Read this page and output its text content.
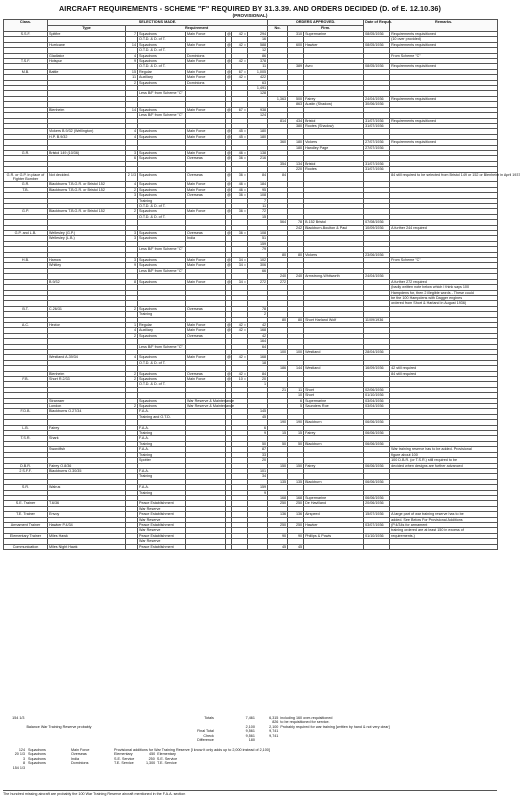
AIRCRAFT REQUIREMENTS - SCHEME "F" REQUIRED BY 31.3.39. AND ORDERS DECIDED (D. of E. 12.10.36)
(PROVISIONAL)
Class.	SELECTIONS MADE.							ORDERS APPROVED.			Date of Requn.	Remarks.
	Type	Requirement						No.	Firm.			
S.S.F.	Spitfire	7	Squadrons	Main Force	@	42 =	294		310	Supermarine	08/05/1936	Requirements requisitioned
			O.T.D. & D. of T.				16					(10 over provided)
	Hurricane	14	Squadrons	Main Force	@	42 =	588		600	Hawker	08/05/1936	Requirements requisitioned
			O.T.D. & D. of T.				12					
	Gladiator	4	Squadrons	Dominions			86					From Scheme "C"
T.S.F.	Hotspur	9	Squadrons	Main Force	@	42 =	378					
			O.T.D. & D. of T.				11		389	Avro	08/05/1936	Requirements requisitioned
M.B.	Battle	15	Regular	Main Force	@	67 =	1,005					
		11	Auxiliary	Main Force	@	42 =	422					
		2	Squadrons	Dominions			63					
							1,491					
			Less B/F from Scheme "C"				128					
								1,363	500	Fairey	24/04/1936	Requirements requisitioned
									863	Austin (Shadow)	30/06/1936	
	Blenheim	14	Squadrons	Main Force	@	67 =	938					
			Less B/F from Scheme "C"				124					
								814	434	Bristol	31/07/1936	Requirements requisitioned
									380	Rootes (Shadow)	31/07/1936	
	Vickers B.9/32 (Wellington)	4	Squadrons	Main Force	@	45 =	180					
	H.P. B.9/32	4	Squadrons	Main Force	@	45 =	180					
								360	180	Vickers	27/07/1936	Requirements requisitioned
									180	Handley Page	27/07/1936	
G.R.	Bristol 149 (10/36)	3	Squadrons	Main Force	@	46 =	138					
		6	Squadrons	Overseas	@	36 =	216					
								354	134	Bristol	31/07/1936	
									220	Rootes	31/07/1936	
G.R. or G.P. in place of Fighter Bomber	Not decided.	2 1/3	Squadrons	Overseas	@	36 =	84	84				84 still required to be selected from Bristol 149 or 152 or Blenheim in April 1937
G.R.	Blackburns T.B.G.R. or Bristol 152	4	Squadrons	Main Force	@	46 =	184					
T.B.	Blackburns T.B.G.R. or Bristol 152	2	Squadrons	Main Force	@	46 =	95					
		3	Squadrons	Overseas	@	36 =	108					
			Training				7					
			O.T.D. & D. of T.				11					
G.P.	Blackburns T.B.G.R. or Bristol 152	2	Squadrons	Main Force	@	36 =	72					
			O.T.D. & D. of T.				15					
								564	78	B.152 Bristol	07/08/1936	
									242	Blackburn-Boulton & Paul	10/09/1936	A further 244 required
G.P. and L.B.	Wellesley (G.P.)	3	Squadrons	Overseas	@	36 =	108					
	Wellesley (L.B.)	3	Squadrons	India			51					
							159					
			Less B/F from Scheme "C"				79					
								80	80	Vickers	23/06/1936	
H.B.	Harrow	3	Squadrons	Main Force	@	34 =	102					From Scheme "C"
	Whitley	9	Squadrons	Main Force	@	34 =	306					
			Less B/F from Scheme "C"				66					
								240	240	Armstrong-Whitworth	24/04/1936	
	B.9/32	8	Squadrons	Main Force	@	34 =	272	272				A further 272 required
												(badly written note below which I think says 100
												Hampdens for, then 2 illegible words - These could
												be the 100 Hampdens with Dagger engines
												ordered from Short & Harland in August 1936)
B.T.	C.26/31	2	Squadrons	Overseas			78					
			Training				2					
								80	80	Short Harland Wolf	11/09/1936	
A.C.	Hector	1	Regular	Main Force	@	42 =	42					
		4	Auxiliary	Main Force	@	42 =	168					
		2	Squadrons	Overseas			42					
							164					
			Less B/F from Scheme "C"				64					
								100	100	Westland	28/04/1936	
	Westland A.39/34	4	Squadrons	Main Force	@	42 =	168					
			O.T.D. & D. of T.				18					
								186	144	Westland	16/09/1936	42 still required
	Blenheim	2	Squadrons	Overseas	@	42 =	84					84 still required
F.B.	Short R.2/33	2	Squadrons	Main Force	@	10 =	20					
			O.T.D. & D. of T.				1					
								21	11	Short	02/06/1936	
									10	Short	01/10/1936	
	Stranraer		Squadrons	War Reserve & Maintenance					6	Supermarine	03/04/1936	
	London	2	Squadrons	War Reserve & Maintenance					5	Saunders Roe	03/04/1936	
F.D.B.	Blackburns O.27/34		F.A.A.				145					
			Training and O.T.D.				45					
								190	190	Blackburn	06/06/1936	
L.B.	Fairey		F.A.A.				6					
			Training				9	15	15	Fairey	06/06/1936	
T.S.R.	Shark		F.A.A.									
			Training				50	50	50	Blackburn	06/06/1936	
	Swordfish		F.A.A.				87					War training reserve has to be added. Provisional
			Training				33					figure about 100
			Spotter				20					100 D.B.R. (or T.S.R.) still required to be
D.B.R.	Fairey O.8/36							150	150	Fairey	06/06/1936	decided when designs are further advanced
2 S.F.F.	Blackburns O.30/35		F.A.A.				101					
			Training				34					
								135	135	Blackburn	06/06/1936	
S.R.	Walrus		F.A.A.				159					
			Training				9					
								168	168	Supermarine	06/06/1936	
S.E. Trainer	T.6/36		Peace Establishment					250	250	De Havilland	20/06/1936	
			War Reserve									
T.E. Trainer	Envoy		Peace Establishment					136	136	Airspeed	15/07/1936	A large part of war training reserve has to be
			War Reserve									added. See Below For Provisional Additions
Armament Trainer	Hawker P.4/34		Peace Establishment					250	250	Hawker	03/07/1936	(P.4/34s for armament
			War Reserve									training ordered are at least 150 in excess of
Elementary Trainer	Miles Hawk		Peace Establishment					90	90	Phillips & Powis	01/10/1936	requirements.)
			War Reserve									
Communication	Miles Night Hawk		Peace Establishment					45	45			
154 1/3	Totals	7,461	6,315 including 160 over-requisitioned
826 to be requisitioned for service.
Balance War Training Reserve probably	2,100	2,100 Probably required for war training [written by hand & not very clear]
Final Total	9,561	9,741
Check	9,561	9,741
Difference	180
124 Squadrons	Main Force	Provisional additions for War Training Reserve [I know it only adds up to 2,000 instead of 2,100]
20 1/3 Squadrons	Overseas	Elementary                450  Elementary
3 Squadrons	India	S.E. Service              250  S.E. Service
8 Squadrons	Dominions	T.E. Service            1,300  T.E. Service
154 1/3
The hundred missing aircraft are probably the 100 War Training Reserve aircraft mentioned in the F.A.A. section
